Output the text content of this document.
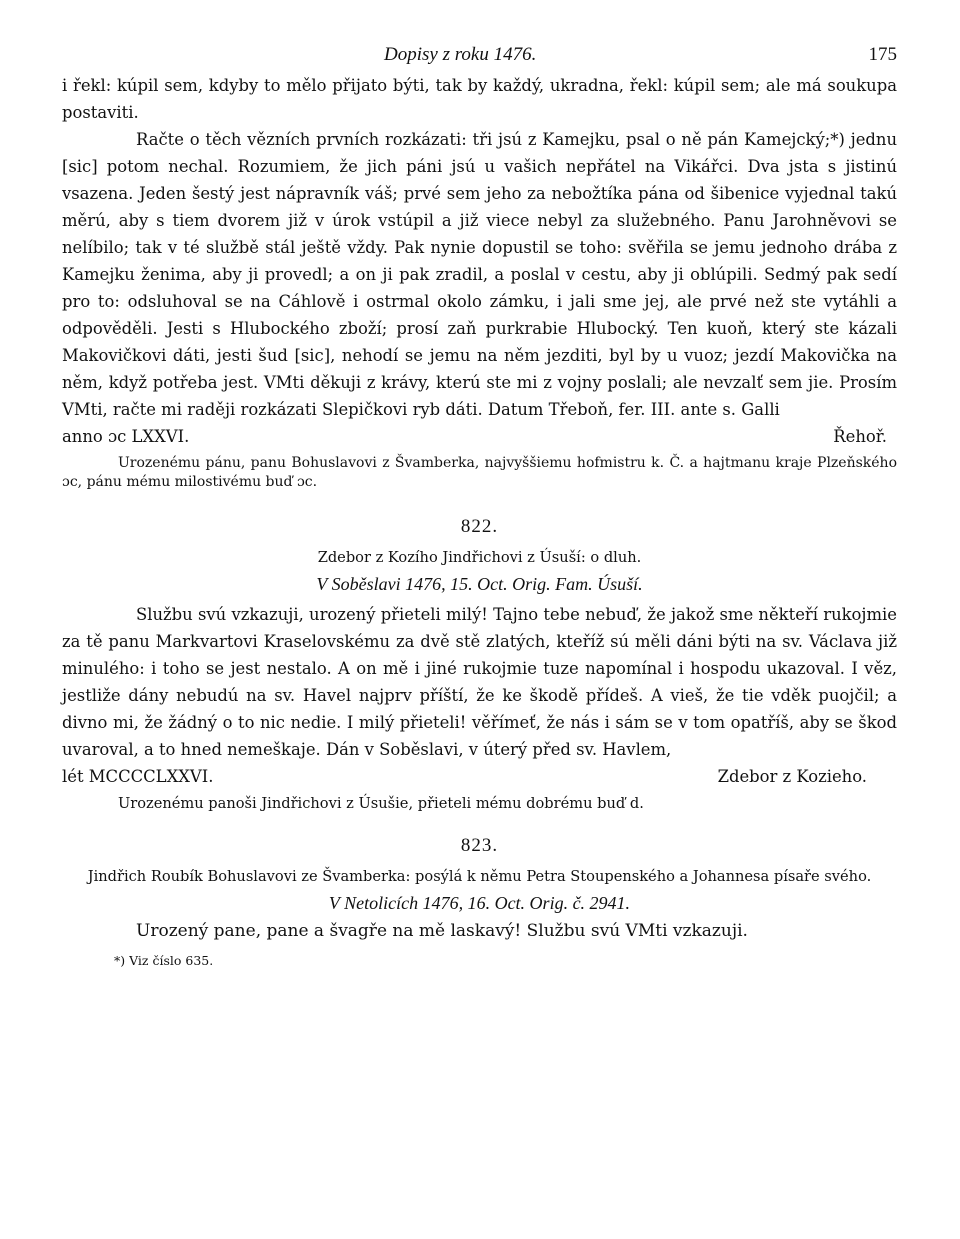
Dopisy z roku 1476.	175

i řekl: kúpil sem, kdyby to mělo přijato býti, tak by každý, ukradna, řekl: kúpil sem; ale má soukupa postaviti.

Račte o těch vězních prvních rozkázati: tři jsú z Kamejku, psal o ně pán Kamejcký;*) jednu [sic] potom nechal. Rozumiem, že jich páni jsú u vašich nepřátel na Vikářci. Dva jsta s jistinú vsazena. Jeden šestý jest nápravník váš; prvé sem jeho za nebožtíka pána od šibenice vyjednal takú měrú, aby s tiem dvorem již v úrok vstúpil a již viece nebyl za služebného. Panu Jarohněvovi se nelíbilo; tak v té službě stál ještě vždy. Pak nynie dopustil se toho: svěřila se jemu jednoho drába z Kamejku ženima, aby ji provedl; a on ji pak zradil, a poslal v cestu, aby ji oblúpili. Sedmý pak sedí pro to: odsluhoval se na Cáhlově i ostrmal okolo zámku, i jali sme jej, ale prvé než ste vytáhli a odpověděli. Jesti s Hlubockého zboží; prosí zaň purkrabie Hlubocký. Ten kuoň, který ste kázali Makovičkovi dáti, jesti šud [sic], nehodí se jemu na něm jezditi, byl by u vuoz; jezdí Makovička na něm, když potřeba jest. VMti děkuji z krávy, kterú ste mi z vojny poslali; ale nevzalť sem jie. Prosím VMti, račte mi raději rozkázati Slepičkovi ryb dáti. Datum Třeboň, fer. III. ante s. Galli

anno ɔc LXXVI.	Řehoř.

Urozenému pánu, panu Bohuslavovi z Švamberka, najvyššiemu hofmistru k. Č. a hajtmanu kraje Plzeňského ɔc, pánu mému milostivému buď ɔc.

822.

Zdebor z Kozího Jindřichovi z Úsuší: o dluh.

V Soběslavi 1476, 15. Oct. Orig. Fam. Úsuší.

Službu svú vzkazuji, urozený přieteli milý! Tajno tebe nebuď, že jakož sme někteří rukojmie za tě panu Markvartovi Kraselovskému za dvě stě zlatých, kteříž sú měli dáni býti na sv. Václava již minulého: i toho se jest nestalo. A on mě i jiné rukojmie tuze napomínal i hospodu ukazoval. I věz, jestliže dány nebudú na sv. Havel najprv příští, že ke škodě přídeš. A vieš, že tie vděk puojčil; a divno mi, že žádný o to nic nedie. I milý přieteli! věřímeť, že nás i sám se v tom opatříš, aby se škod uvaroval, a to hned nemeškaje. Dán v Soběslavi, v úterý před sv. Havlem,

lét MCCCCLXXVI.	Zdebor z Kozieho.

Urozenému panoši Jindřichovi z Úsušie, přieteli mému dobrému buď d.

823.

Jindřich Roubík Bohuslavovi ze Švamberka: posýlá k němu Petra Stoupenského a Johannesa písaře svého.

V Netolicích 1476, 16. Oct. Orig. č. 2941.

Urozený pane, pane a švagře na mě laskavý! Službu svú VMti vzkazuji.

*) Viz číslo 635.
